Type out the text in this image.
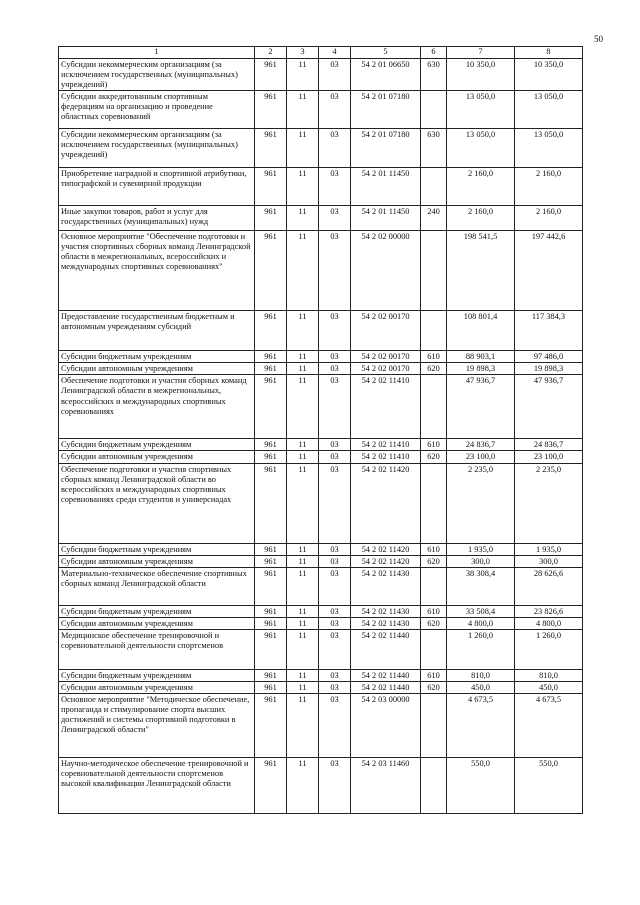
50
1	2	3	4	5	6	7	8
Субсидии некоммерческим организациям (за исключением государственных (муниципальных) учреждений)	961	11	03	54 2 01 06650	630	10 350,0	10 350,0
Субсидии аккредитованным спортивным федерациям на организацию и проведение областных соревнований	961	11	03	54 2 01 07180		13 050,0	13 050,0
Субсидии некоммерческим организациям (за исключением государственных (муниципальных) учреждений)	961	11	03	54 2 01 07180	630	13 050,0	13 050,0
Приобретение наградной и спортивной атрибутики, типографской и сувенирной продукции	961	11	03	54 2 01 11450		2 160,0	2 160,0
Иные закупки товаров, работ и услуг для государственных (муниципальных) нужд	961	11	03	54 2 01 11450	240	2 160,0	2 160,0
Основное мероприятие "Обеспечение подготовки и участия спортивных сборных команд Ленинградской области в межрегиональных, всероссийских и международных спортивных соревнованиях"	961	11	03	54 2 02 00000		198 541,5	197 442,6
Предоставление государственным бюджетным и автономным учреждениям субсидий	961	11	03	54 2 02 00170		108 801,4	117 384,3
Субсидии бюджетным учреждениям	961	11	03	54 2 02 00170	610	88 903,1	97 486,0
Субсидии автономным учреждениям	961	11	03	54 2 02 00170	620	19 898,3	19 898,3
Обеспечение подготовки и участия сборных команд Ленинградской области в межрегиональных, всероссийских и международных спортивных соревнованиях	961	11	03	54 2 02 11410		47 936,7	47 936,7
Субсидии бюджетным учреждениям	961	11	03	54 2 02 11410	610	24 836,7	24 836,7
Субсидии автономным учреждениям	961	11	03	54 2 02 11410	620	23 100,0	23 100,0
Обеспечение подготовки и участия спортивных сборных команд Ленинградской области во всероссийских и международных спортивных соревнованиях среди студентов и универсиадах	961	11	03	54 2 02 11420		2 235,0	2 235,0
Субсидии бюджетным учреждениям	961	11	03	54 2 02 11420	610	1 935,0	1 935,0
Субсидии автономным учреждениям	961	11	03	54 2 02 11420	620	300,0	300,0
Материально-техническое обеспечение спортивных сборных команд Ленинградской области	961	11	03	54 2 02 11430		38 308,4	28 626,6
Субсидии бюджетным учреждениям	961	11	03	54 2 02 11430	610	33 508,4	23 826,6
Субсидии автономным учреждениям	961	11	03	54 2 02 11430	620	4 800,0	4 800,0
Медицинское обеспечение тренировочной и соревновательной деятельности спортсменов	961	11	03	54 2 02 11440		1 260,0	1 260,0
Субсидии бюджетным учреждениям	961	11	03	54 2 02 11440	610	810,0	810,0
Субсидии автономным учреждениям	961	11	03	54 2 02 11440	620	450,0	450,0
Основное мероприятие "Методическое обеспечение, пропаганда и стимулирование спорта высших достижений и системы спортивной подготовки в Ленинградской области"	961	11	03	54 2 03 00000		4 673,5	4 673,5
Научно-методическое обеспечение тренировочной и соревновательной деятельности спортсменов высокой квалификации Ленинградской области	961	11	03	54 2 03 11460		550,0	550,0
